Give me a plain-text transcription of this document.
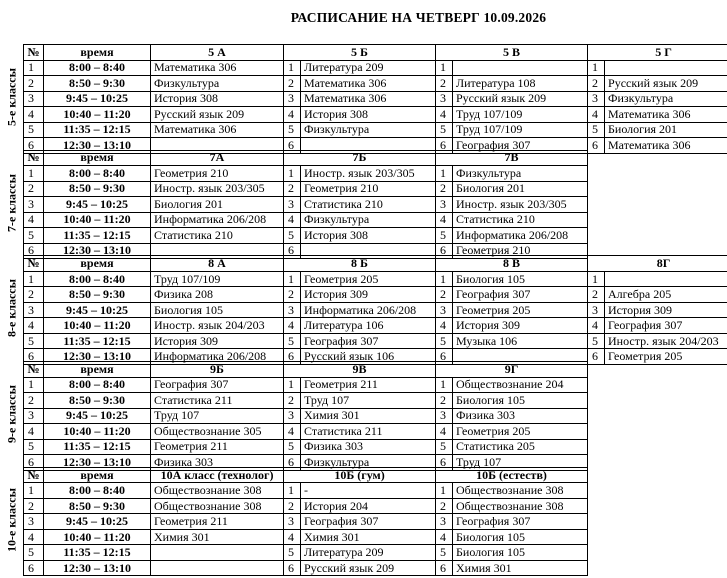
РАСПИСАНИЕ НА ЧЕТВЕРГ 10.09.2026
5-е классы
№	время	5 А	5 Б		5 В		5 Г	
1	8:00 – 8:40	Математика 306	1	Литература 209	1		1	
2	8:50 – 9:30	Физкультура	2	Математика 306	2	Литература 108	2	Русский язык 209
3	9:45 – 10:25	История 308	3	Математика 306	3	Русский язык 209	3	Физкультура
4	10:40 – 11:20	Русский язык 209	4	История 308	4	Труд 107/109	4	Математика 306
5	11:35 – 12:15	Математика 306	5	Физкультура	5	Труд 107/109	5	Биология 201
6	12:30 – 13:10		6		6	География 307	6	Математика 306
7-е классы
№	время	7А	7Б		7В	
1	8:00 – 8:40	Геометрия 210	1	Иностр. язык 203/305	1	Физкультура
2	8:50 – 9:30	Иностр. язык 203/305	2	Геометрия 210	2	Биология 201
3	9:45 – 10:25	Биология 201	3	Статистика 210	3	Иностр. язык 203/305
4	10:40 – 11:20	Информатика 206/208	4	Физкультура	4	Статистика 210
5	11:35 – 12:15	Статистика 210	5	История 308	5	Информатика 206/208
6	12:30 – 13:10		6		6	Геометрия 210
8-е классы
№	время	8 А	8 Б		8 В		8Г	
1	8:00 – 8:40	Труд 107/109	1	Геометрия 205	1	Биология 105	1	
2	8:50 – 9:30	Физика 208	2	История 309	2	География 307	2	Алгебра 205
3	9:45 – 10:25	Биология 105	3	Информатика 206/208	3	Геометрия 205	3	История 309
4	10:40 – 11:20	Иностр. язык 204/203	4	Литература 106	4	История 309	4	География 307
5	11:35 – 12:15	История 309	5	География 307	5	Музыка 106	5	Иностр. язык 204/203
6	12:30 – 13:10	Информатика 206/208	6	Русский язык 106	6		6	Геометрия 205
9-е классы
№	время	9Б	9В		9Г	
1	8:00 – 8:40	География 307	1	Геометрия 211	1	Обществознание 204
2	8:50 – 9:30	Статистика 211	2	Труд 107	2	Биология 105
3	9:45 – 10:25	Труд 107	3	Химия 301	3	Физика 303
4	10:40 – 11:20	Обществознание 305	4	Статистика 211	4	Геометрия 205
5	11:35 – 12:15	Геометрия 211	5	Физика 303	5	Статистика 205
6	12:30 – 13:10	Физика 303	6	Физкультура	6	Труд 107
10-е классы
№	время	10А класс (технолог)	10Б (гум)		10Б (естеств)	
1	8:00 – 8:40	Обществознание 308	1	-	1	Обществознание 308
2	8:50 – 9:30	Обществознание 308	2	История 204	2	Обществознание 308
3	9:45 – 10:25	Геометрия 211	3	География 307	3	География 307
4	10:40 – 11:20	Химия 301	4	Химия 301	4	Биология 105
5	11:35 – 12:15		5	Литература 209	5	Биология 105
6	12:30 – 13:10		6	Русский язык 209	6	Химия 301
